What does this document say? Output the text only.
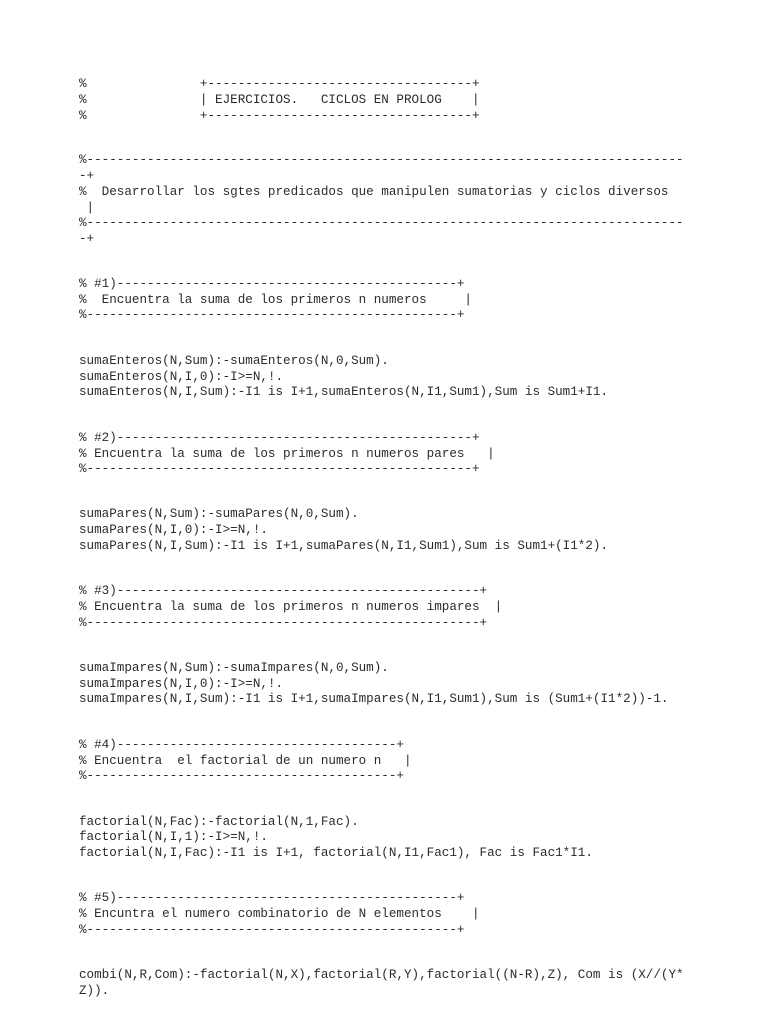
%               +-----------------------------------+

%               | EJERCICIOS.   CICLOS EN PROLOG    |

%               +-----------------------------------+

%-------------------------------------------------------------------------------

-+

%  Desarrollar los sgtes predicados que manipulen sumatorias y ciclos diversos

|

%-------------------------------------------------------------------------------

-+

% #1)---------------------------------------------+

%  Encuentra la suma de los primeros n numeros     |

%-------------------------------------------------+

sumaEnteros(N,Sum):-sumaEnteros(N,0,Sum).

sumaEnteros(N,I,0):-I>=N,!.

sumaEnteros(N,I,Sum):-I1 is I+1,sumaEnteros(N,I1,Sum1),Sum is Sum1+I1.

% #2)-----------------------------------------------+

% Encuentra la suma de los primeros n numeros pares   |

%---------------------------------------------------+

sumaPares(N,Sum):-sumaPares(N,0,Sum).

sumaPares(N,I,0):-I>=N,!.

sumaPares(N,I,Sum):-I1 is I+1,sumaPares(N,I1,Sum1),Sum is Sum1+(I1*2).

% #3)------------------------------------------------+

% Encuentra la suma de los primeros n numeros impares  |

%----------------------------------------------------+

sumaImpares(N,Sum):-sumaImpares(N,0,Sum).

sumaImpares(N,I,0):-I>=N,!.

sumaImpares(N,I,Sum):-I1 is I+1,sumaImpares(N,I1,Sum1),Sum is (Sum1+(I1*2))-1.

% #4)-------------------------------------+

% Encuentra  el factorial de un numero n   |

%-----------------------------------------+

factorial(N,Fac):-factorial(N,1,Fac).

factorial(N,I,1):-I>=N,!.

factorial(N,I,Fac):-I1 is I+1, factorial(N,I1,Fac1), Fac is Fac1*I1.

% #5)---------------------------------------------+

% Encuntra el numero combinatorio de N elementos    |

%-------------------------------------------------+

combi(N,R,Com):-factorial(N,X),factorial(R,Y),factorial((N-R),Z), Com is (X//(Y*

Z)).
